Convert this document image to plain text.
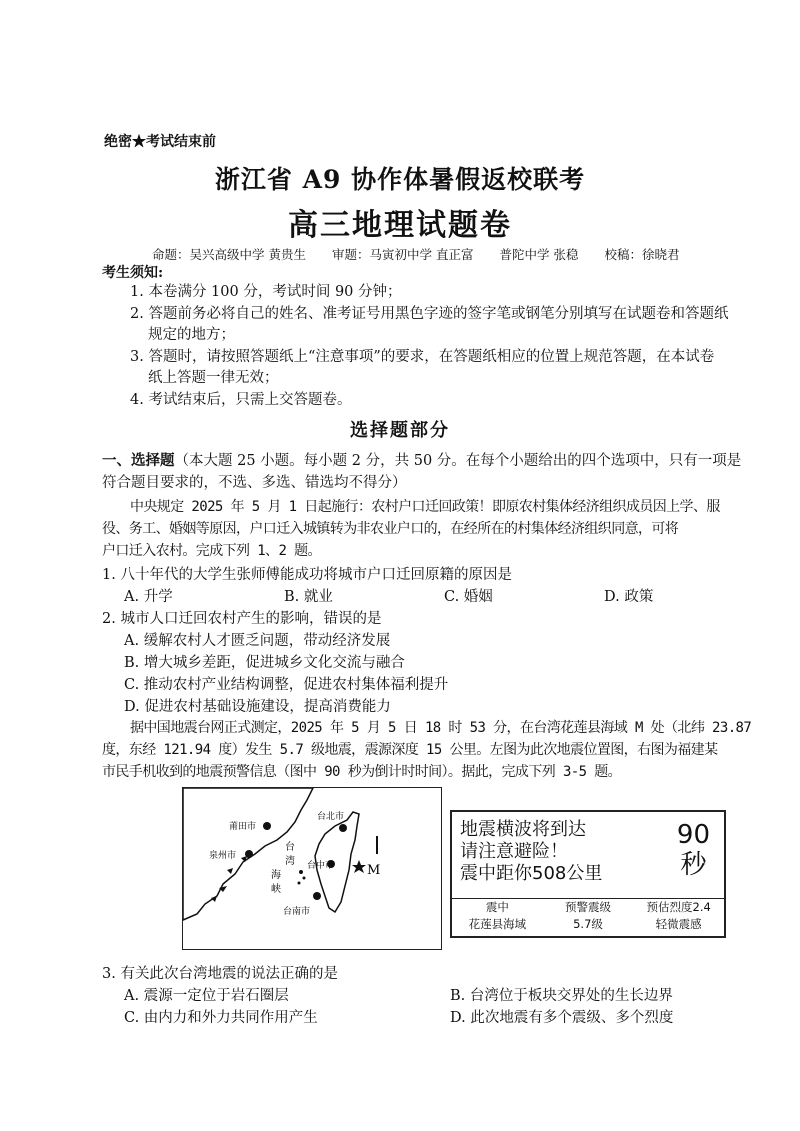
绝密★考试结束前
浙江省 A9 协作体暑假返校联考
高三地理试题卷
命题：吴兴高级中学 黄贵生 审题：马寅初中学 直正富 普陀中学 张稳 校稿：徐晓君
考生须知:
1. 本卷满分 100 分，考试时间 90 分钟；
2. 答题前务必将自己的姓名、准考证号用黑色字迹的签字笔或钢笔分别填写在试题卷和答题纸
规定的地方；
3. 答题时，请按照答题纸上“注意事项”的要求，在答题纸相应的位置上规范答题，在本试卷
纸上答题一律无效；
4. 考试结束后，只需上交答题卷。
选择题部分
一、选择题（本大题 25 小题。每小题 2 分，共 50 分。在每个小题给出的四个选项中，只有一项是
符合题目要求的，不选、多选、错选均不得分）
中央规定 2025 年 5 月 1 日起施行：农村户口迁回政策！即原农村集体经济组织成员因上学、服
役、务工、婚姻等原因，户口迁入城镇转为非农业户口的，在经所在的村集体经济组织同意，可将
户口迁入农村。完成下列 1、2 题。
1. 八十年代的大学生张师傅能成功将城市户口迁回原籍的原因是
A. 升学	B. 就业	C. 婚姻	D. 政策
2. 城市人口迁回农村产生的影响，错误的是
A. 缓解农村人才匮乏问题，带动经济发展
B. 增大城乡差距，促进城乡文化交流与融合
C. 推动农村产业结构调整，促进农村集体福利提升
D. 促进农村基础设施建设，提高消费能力
据中国地震台网正式测定，2025 年 5 月 5 日 18 时 53 分，在台湾花莲县海域 M 处（北纬 23.87
度，东经 121.94 度）发生 5.7 级地震，震源深度 15 公里。左图为此次地震位置图，右图为福建某
市民手机收到的地震预警信息（图中 90 秒为倒计时时间）。据此，完成下列 3-5 题。
莆田市
泉州市
台北市
台中市
台南市
台
湾
海
峡
M
地震横波将到达
请注意避险！
震中距你508公里
90
秒
震中	预警震级	预估烈度2.4
花莲县海域	5.7级	轻微震感
3. 有关此次台湾地震的说法正确的是
A. 震源一定位于岩石圈层	B. 台湾位于板块交界处的生长边界
C. 由内力和外力共同作用产生	D. 此次地震有多个震级、多个烈度
